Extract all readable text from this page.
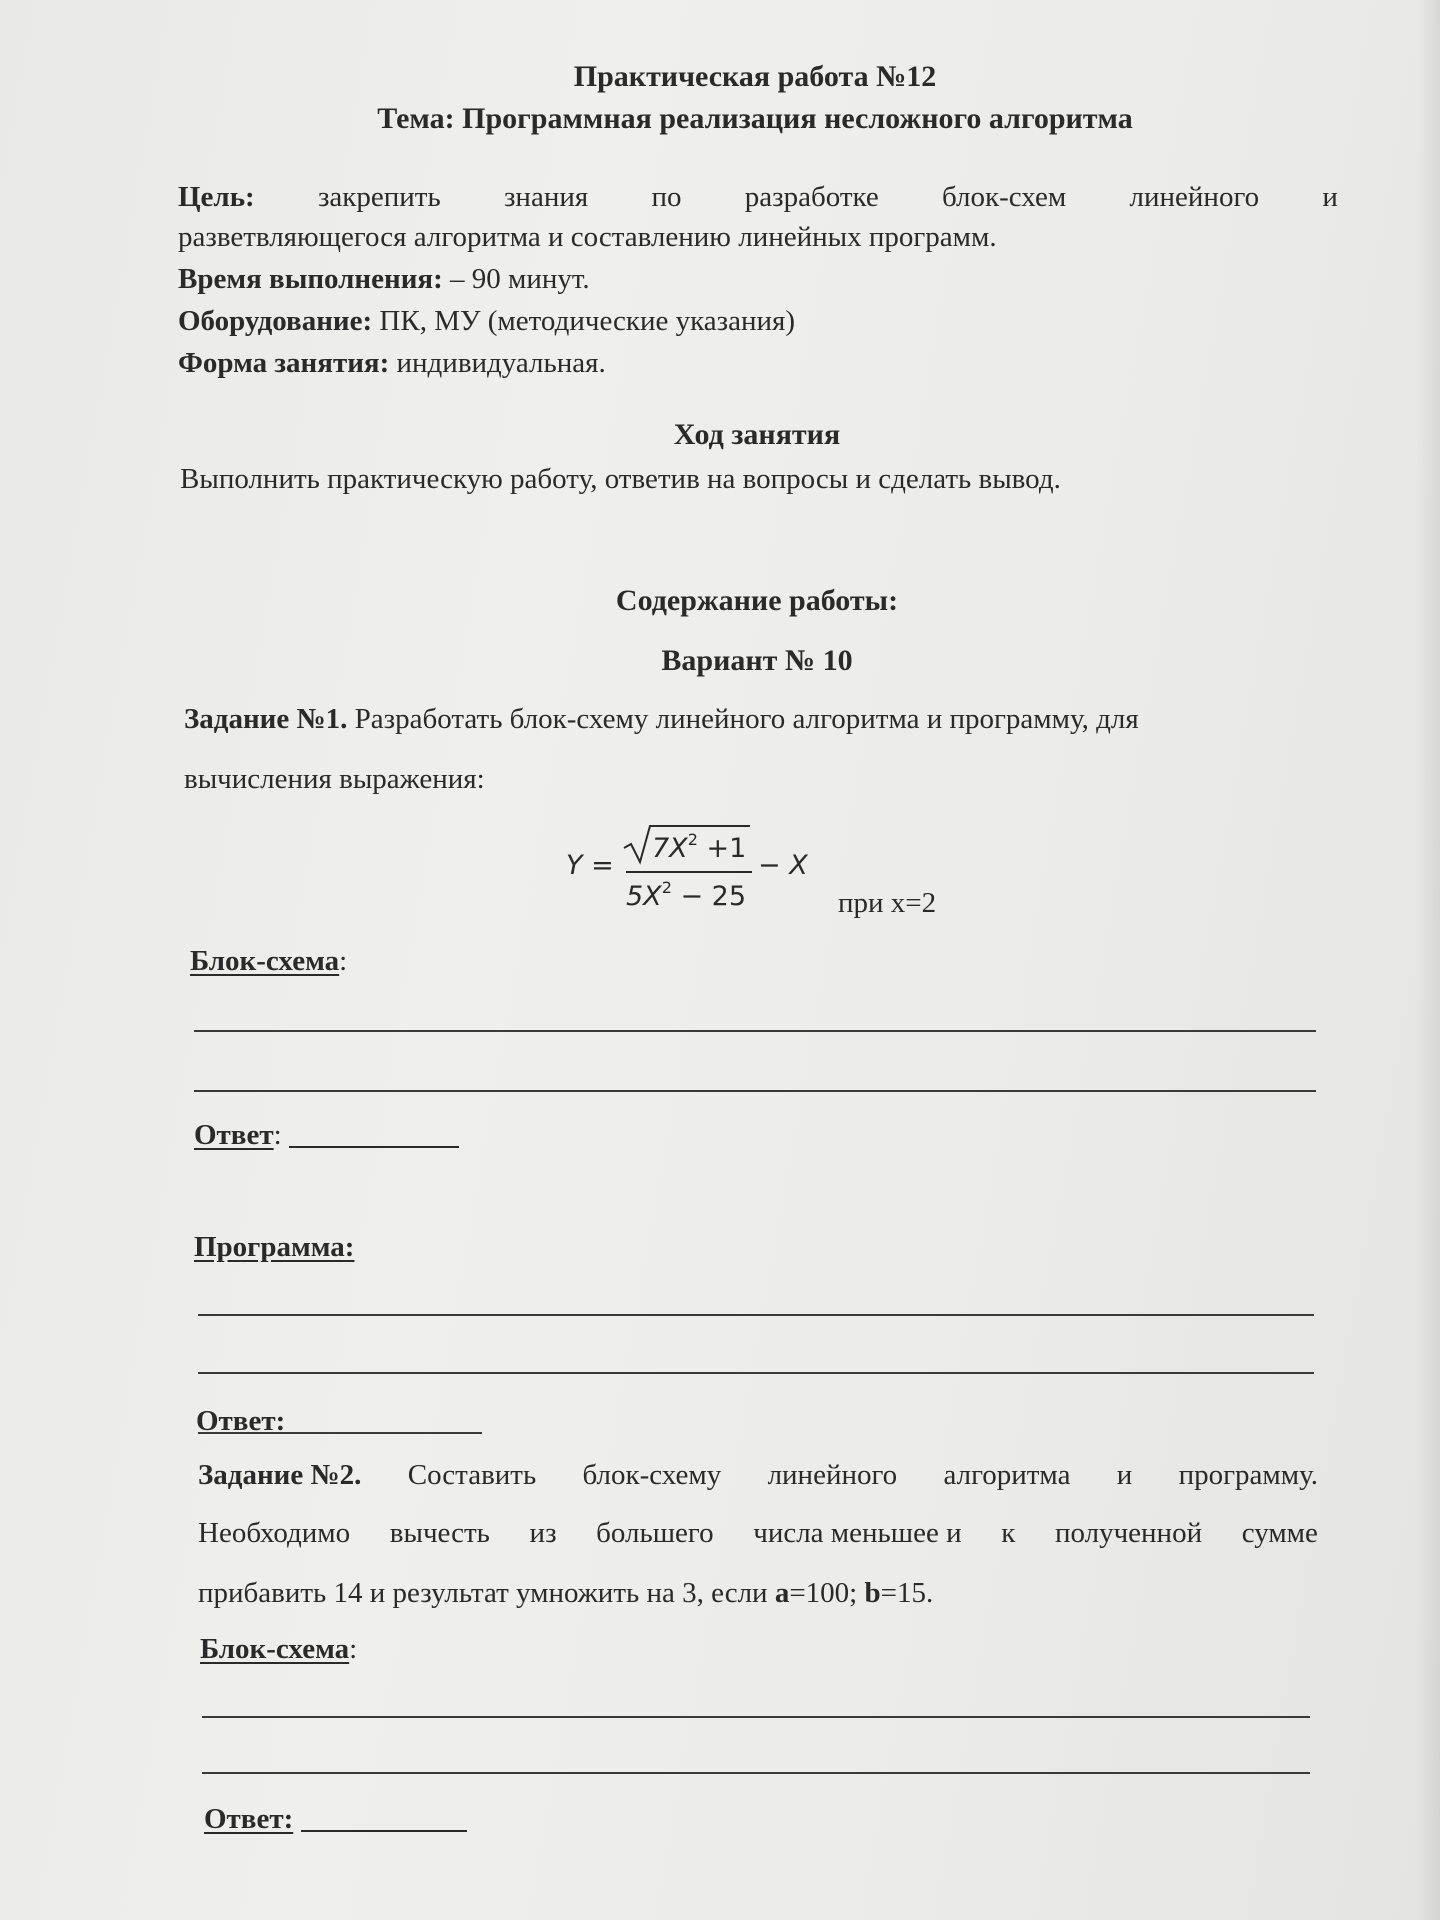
Практическая работа №12
Тема: Программная реализация несложного алгоритма
Цель: закрепить знания по разработке блок-схем линейного и
разветвляющегося алгоритма и составлению линейных программ.
Время выполнения: – 90 минут.
Оборудование: ПК, МУ (методические указания)
Форма занятия: индивидуальная.
Ход занятия
Выполнить практическую работу, ответив на вопросы и сделать вывод.
Содержание работы:
Вариант № 10
Задание №1. Разработать блок-схему линейного алгоритма и программу, для
вычисления выражения:
Y =
$7X^2 +1$
$5X^2 - 25$
− X
при x=2
Блок-схема:
Ответ:
Программа:
Ответ:
Задание №2. Составить блок-схему линейного алгоритма и программу.
Необходимо вычесть из большего числа меньшее и к полученной сумме
прибавить 14 и результат умножить на 3, если a=100; b=15.
Блок-схема:
Ответ:
